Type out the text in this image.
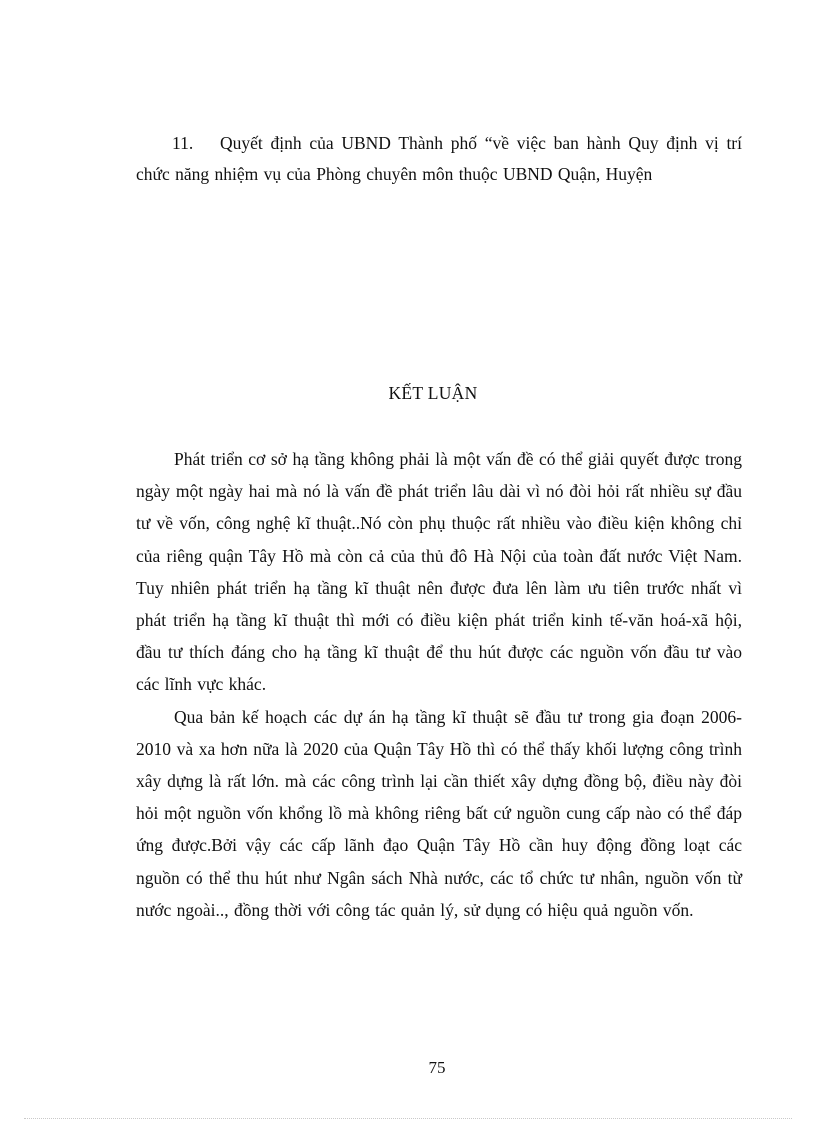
11. Quyết định của UBND Thành phố “về việc ban hành Quy định vị trí chức năng nhiệm vụ của Phòng chuyên môn thuộc UBND Quận, Huyện
KẾT LUẬN

Phát triển cơ sở hạ tầng không phải là một vấn đề có thể giải quyết được trong ngày một ngày hai mà nó là vấn đề phát triển lâu dài vì nó đòi hỏi rất nhiều sự đầu tư về vốn, công nghệ kĩ thuật..Nó còn phụ thuộc rất nhiều vào điều kiện không chỉ của riêng quận Tây Hồ mà còn cả của thủ đô Hà Nội của toàn đất nước Việt Nam. Tuy nhiên phát triển hạ tầng kĩ thuật nên được đưa lên làm ưu tiên trước nhất vì phát triển hạ tầng kĩ thuật thì mới có điều kiện phát triển kinh tế-văn hoá-xã hội, đầu tư thích đáng cho hạ tầng kĩ thuật để thu hút được các nguồn vốn đầu tư vào các lĩnh vực khác.

Qua bản kế hoạch các dự án hạ tầng kĩ thuật sẽ đầu tư trong gia đoạn 2006-2010 và xa hơn nữa là 2020 của Quận Tây Hồ thì có thể thấy khối lượng công trình xây dựng là rất lớn. mà các công trình lại cần thiết xây dựng đồng bộ, điều này đòi hỏi một nguồn vốn khổng lồ mà không riêng bất cứ nguồn cung cấp nào có thể đáp ứng được.Bởi vậy các cấp lãnh đạo Quận Tây Hồ cần huy động đồng loạt các nguồn có thể thu hút như Ngân sách Nhà nước, các tổ chức tư nhân, nguồn vốn từ nước ngoài.., đồng thời với công tác quản lý, sử dụng có hiệu quả nguồn vốn.

75
